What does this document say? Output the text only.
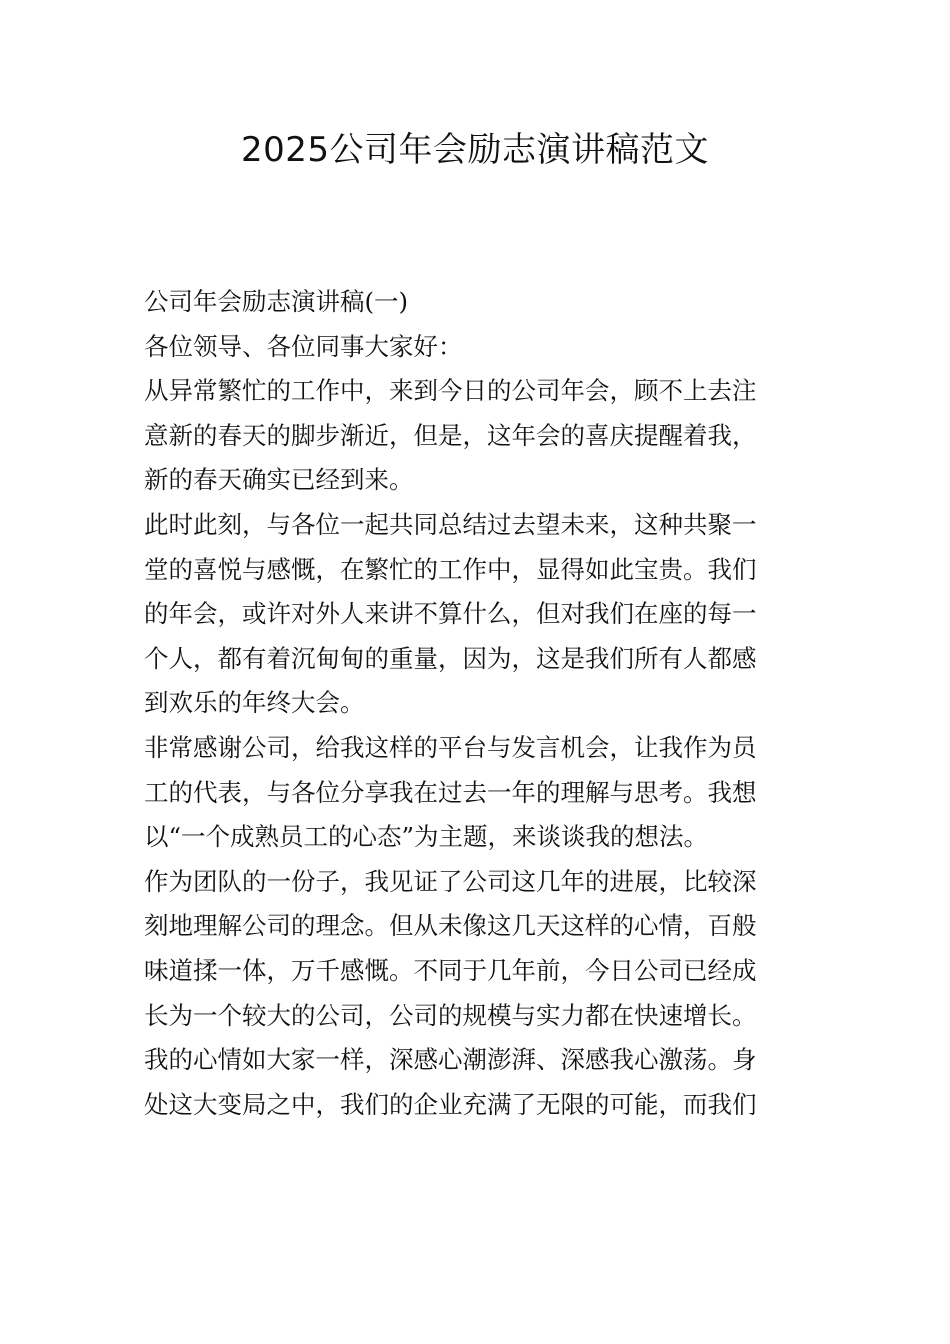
2025公司年会励志演讲稿范文
公司年会励志演讲稿(一)
各位领导、各位同事大家好：
从异常繁忙的工作中，来到今日的公司年会，顾不上去注
意新的春天的脚步渐近，但是，这年会的喜庆提醒着我，
新的春天确实已经到来。
此时此刻，与各位一起共同总结过去望未来，这种共聚一
堂的喜悦与感慨，在繁忙的工作中，显得如此宝贵。我们
的年会，或许对外人来讲不算什么，但对我们在座的每一
个人，都有着沉甸甸的重量，因为，这是我们所有人都感
到欢乐的年终大会。
非常感谢公司，给我这样的平台与发言机会，让我作为员
工的代表，与各位分享我在过去一年的理解与思考。我想
以“一个成熟员工的心态”为主题，来谈谈我的想法。
作为团队的一份子，我见证了公司这几年的进展，比较深
刻地理解公司的理念。但从未像这几天这样的心情，百般
味道揉一体，万千感慨。不同于几年前，今日公司已经成
长为一个较大的公司，公司的规模与实力都在快速增长。
我的心情如大家一样，深感心潮澎湃、深感我心激荡。身
处这大变局之中，我们的企业充满了无限的可能，而我们
